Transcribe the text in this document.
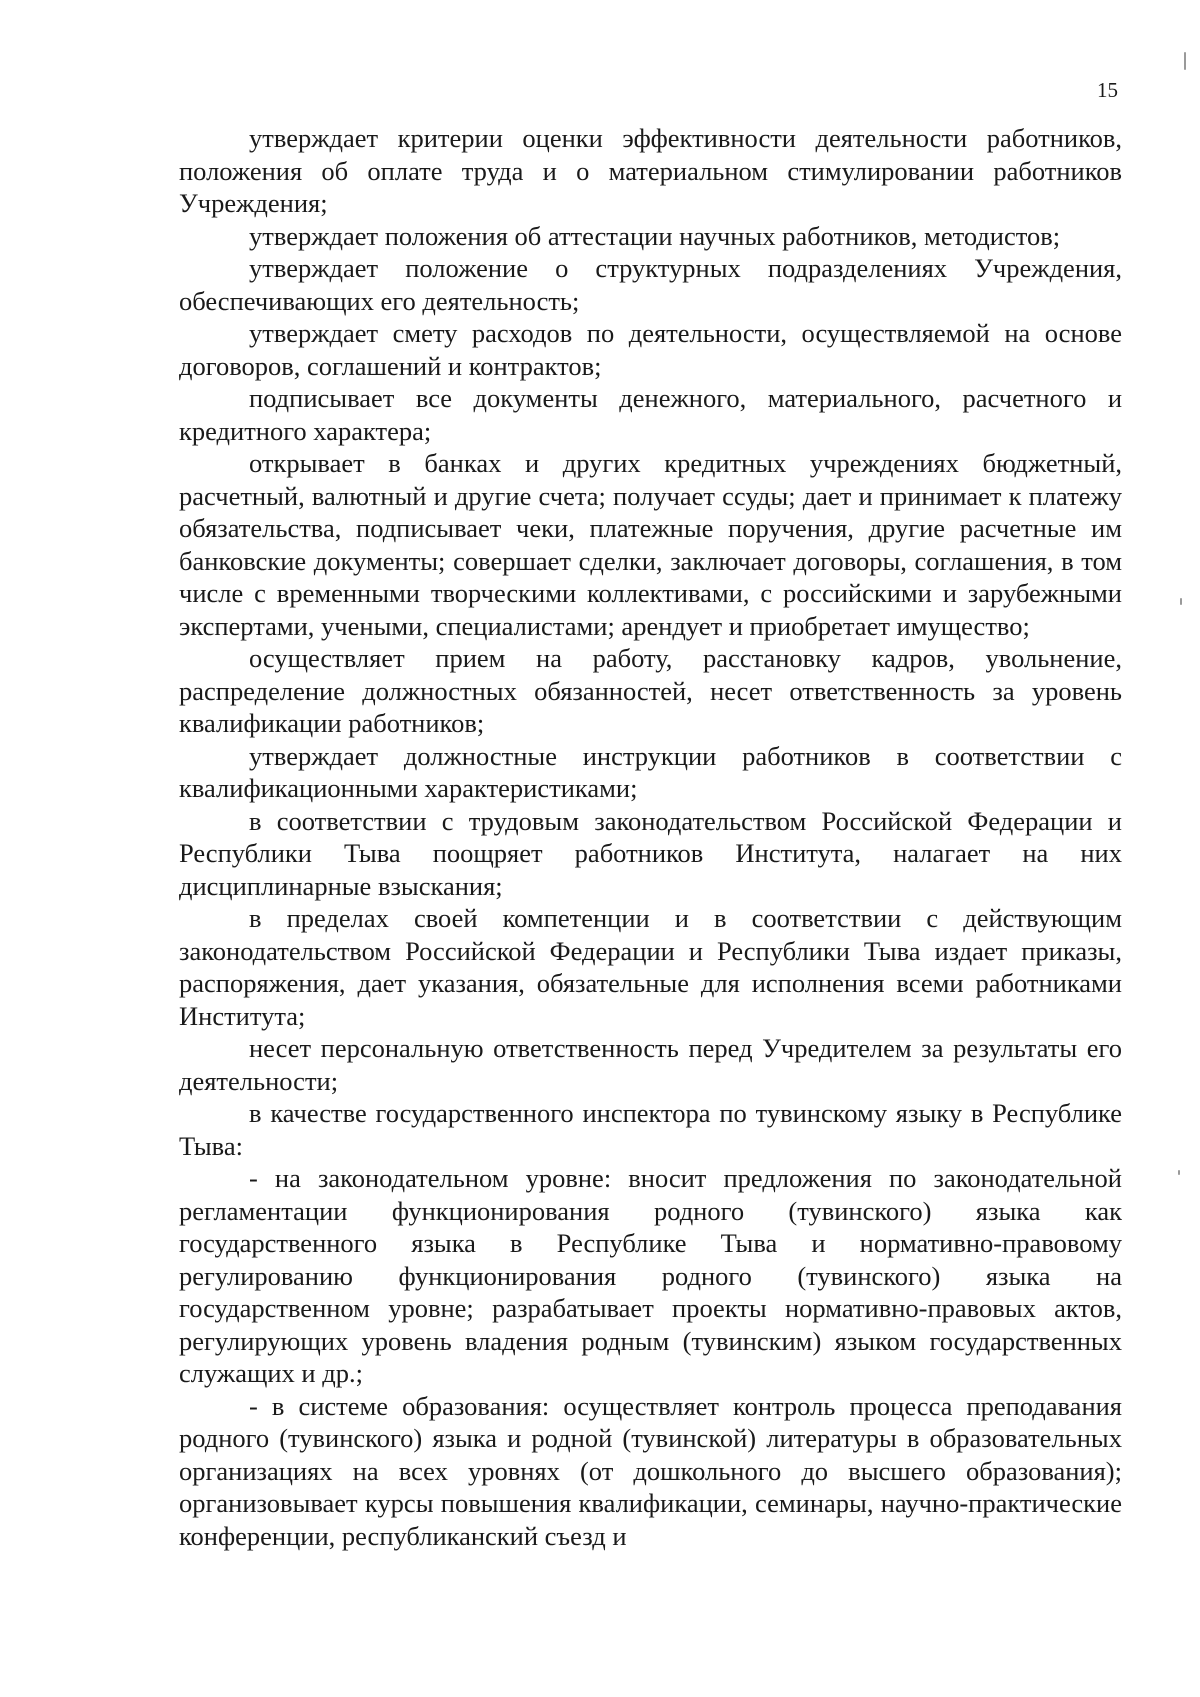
15

утверждает критерии оценки эффективности деятельности работников, положения об оплате труда и о материальном стимулировании работников Учреждения;

утверждает положения об аттестации научных работников, методистов;

утверждает положение о структурных подразделениях Учреждения, обеспечивающих его деятельность;

утверждает смету расходов по деятельности, осуществляемой на основе договоров, соглашений и контрактов;

подписывает все документы денежного, материального, расчетного и кредитного характера;

открывает в банках и других кредитных учреждениях бюджетный, расчетный, валютный и другие счета; получает ссуды; дает и принимает к платежу обязательства, подписывает чеки, платежные поручения, другие расчетные им банковские документы; совершает сделки, заключает договоры, соглашения, в том числе с временными творческими коллективами, с российскими и зарубежными экспертами, учеными, специалистами; арендует и приобретает имущество;

осуществляет прием на работу, расстановку кадров, увольнение, распределение должностных обязанностей, несет ответственность за уровень квалификации работников;

утверждает должностные инструкции работников в соответствии с квалификационными характеристиками;

в соответствии с трудовым законодательством Российской Федерации и Республики Тыва поощряет работников Института, налагает на них дисциплинарные взыскания;

в пределах своей компетенции и в соответствии с действующим законодательством Российской Федерации и Республики Тыва издает приказы, распоряжения, дает указания, обязательные для исполнения всеми работниками Института;

несет персональную ответственность перед Учредителем за результаты его деятельности;

в качестве государственного инспектора по тувинскому языку в Республике Тыва:

- на законодательном уровне: вносит предложения по законодательной регламентации функционирования родного (тувинского) языка как государственного языка в Республике Тыва и нормативно-правовому регулированию функционирования родного (тувинского) языка на государственном уровне; разрабатывает проекты нормативно-правовых актов, регулирующих уровень владения родным (тувинским) языком государственных служащих и др.;

- в системе образования: осуществляет контроль процесса преподавания родного (тувинского) языка и родной (тувинской) литературы в образовательных организациях на всех уровнях (от дошкольного до высшего образования); организовывает курсы повышения квалификации, семинары, научно-практические конференции, республиканский съезд и
